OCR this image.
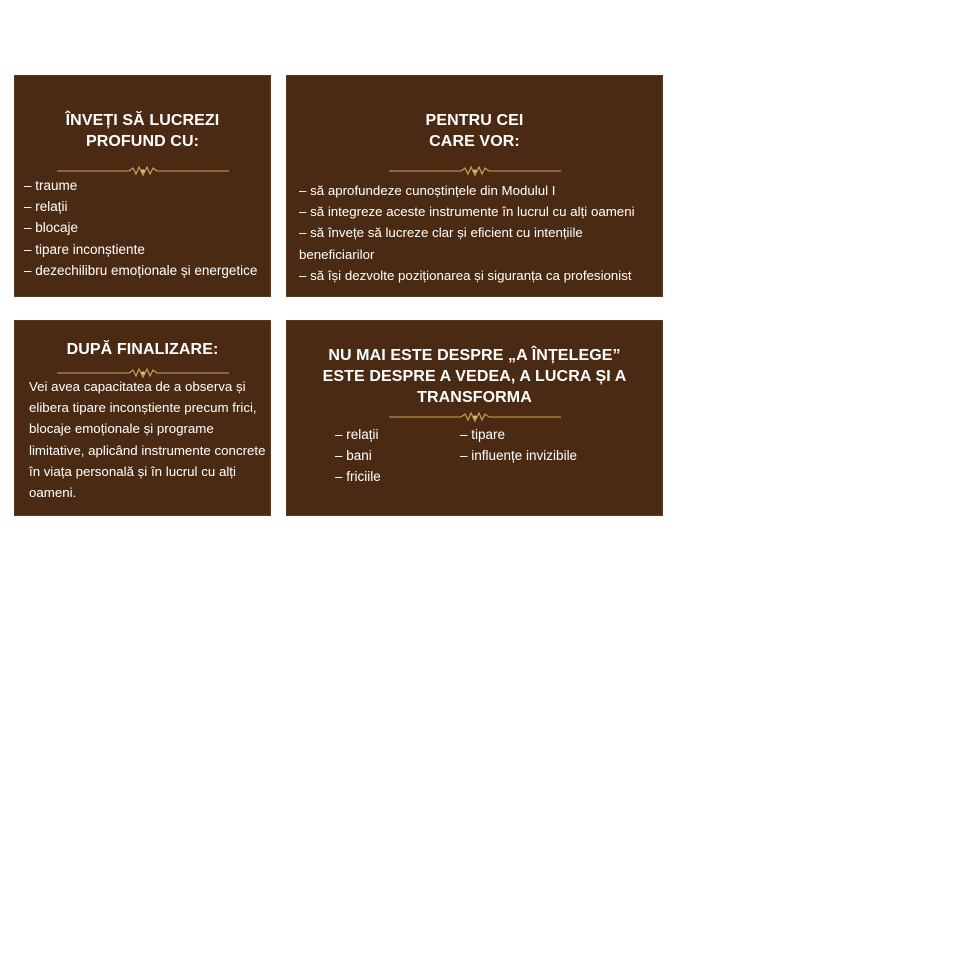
ÎNVEȚI SĂ LUCREZI
PROFUND CU:
– traume
– relații
– blocaje
– tipare inconștiente
– dezechilibru emoționale și energetice
PENTRU CEI
CARE VOR:
– să aprofundeze cunoștințele din Modulul I
– să integreze aceste instrumente în lucrul cu alți oameni
– să învețe să lucreze clar și eficient cu intențiile beneficiarilor
– să își dezvolte poziționarea și siguranța ca profesionist
DUPĂ FINALIZARE:

Vei avea capacitatea de a observa și elibera tipare inconștiente precum frici, blocaje emoționale și programe limitative, aplicând instrumente concrete în viața personală și în lucrul cu alți oameni.

NU MAI ESTE DESPRE „A ÎNȚELEGE”
ESTE DESPRE A VEDEA, A LUCRA ȘI A
TRANSFORMA
– relații
– bani
– friciile
– tipare
– influențe invizibile
